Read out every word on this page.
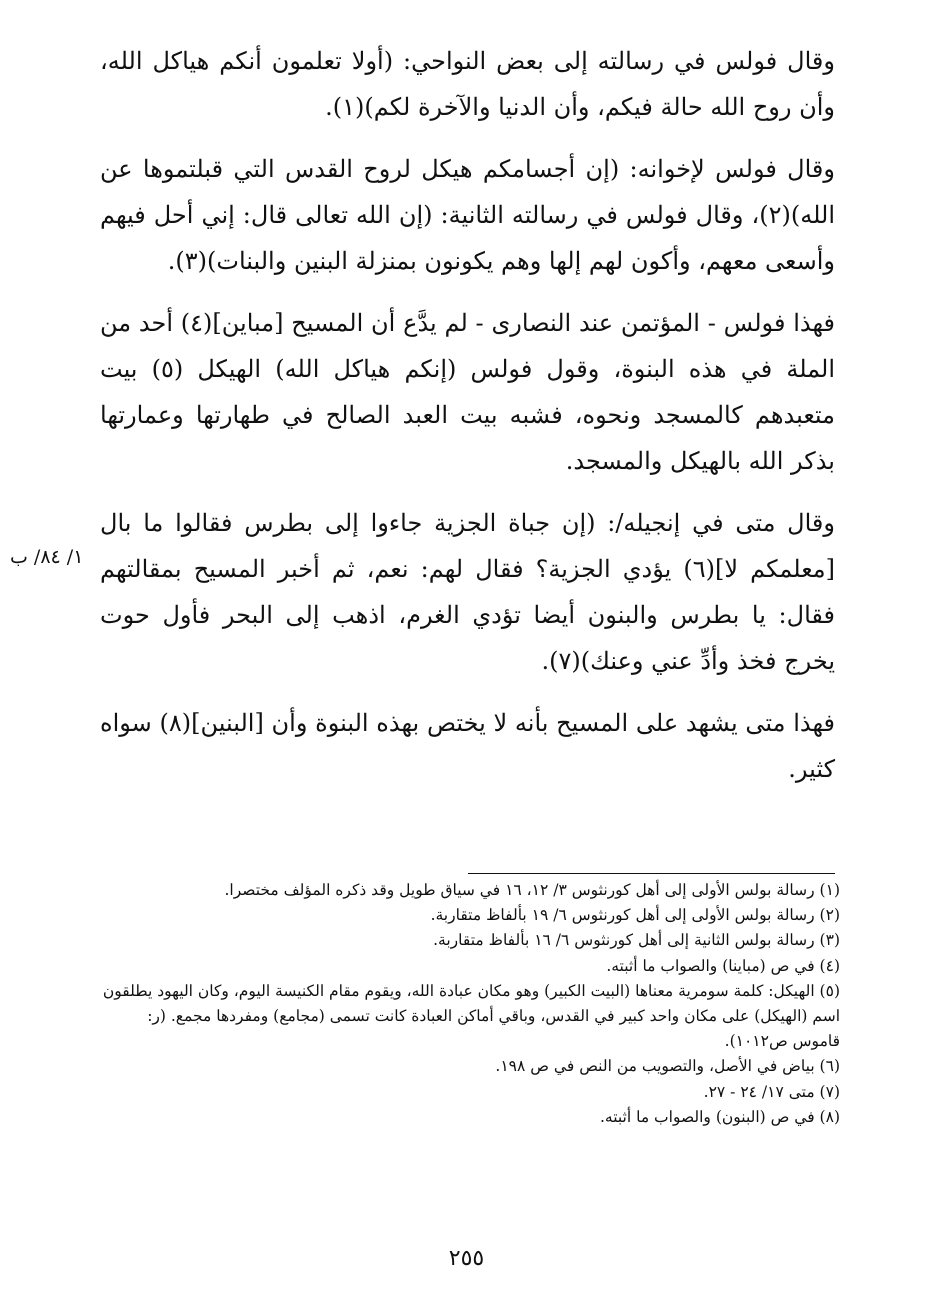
وقال فولس في رسالته إلى بعض النواحي: (أولا تعلمون أنكم هياكل الله، وأن روح الله حالة فيكم، وأن الدنيا والآخرة لكم)(١).

وقال فولس لإخوانه: (إن أجسامكم هيكل لروح القدس التي قبلتموها عن الله)(٢)، وقال فولس في رسالته الثانية: (إن الله تعالى قال: إني أحل فيهم وأسعى معهم، وأكون لهم إلها وهم يكونون بمنزلة البنين والبنات)(٣).

فهذا فولس - المؤتمن عند النصارى - لم يدَّع أن المسيح [مباين](٤) أحد من الملة في هذه البنوة، وقول فولس (إنكم هياكل الله) الهيكل (٥) بيت متعبدهم كالمسجد ونحوه، فشبه بيت العبد الصالح في طهارتها وعمارتها بذكر الله بالهيكل والمسجد.

وقال متى في إنجيله/: (إن جباة الجزية جاءوا إلى بطرس فقالوا ما بال [معلمكم لا](٦) يؤدي الجزية؟ فقال لهم: نعم، ثم أخبر المسيح بمقالتهم فقال: يا بطرس والبنون أيضا تؤدي الغرم، اذهب إلى البحر فأول حوت يخرج فخذ وأدِّ عني وعنك)(٧).

فهذا متى يشهد على المسيح بأنه لا يختص بهذه البنوة وأن [البنين](٨) سواه كثير.

١/ ٨٤/ ب

(١) رسالة بولس الأولى إلى أهل كورنثوس ٣/ ١٢، ١٦ في سياق طويل وقد ذكره المؤلف مختصرا.

(٢) رسالة بولس الأولى إلى أهل كورنثوس ٦/ ١٩ بألفاظ متقاربة.

(٣) رسالة بولس الثانية إلى أهل كورنثوس ٦/ ١٦ بألفاظ متقاربة.

(٤) في ص (مباينا) والصواب ما أثبته.

(٥) الهيكل: كلمة سومرية معناها (البيت الكبير) وهو مكان عبادة الله، ويقوم مقام الكنيسة اليوم، وكان اليهود يطلقون اسم (الهيكل) على مكان واحد كبير في القدس، وباقي أماكن العبادة كانت تسمى (مجامع) ومفردها مجمع. (ر: قاموس ص١٠١٢).

(٦) بياض في الأصل، والتصويب من النص في ص ١٩٨.

(٧) متى ١٧/ ٢٤ - ٢٧.

(٨) في ص (البنون) والصواب ما أثبته.

٢٥٥
